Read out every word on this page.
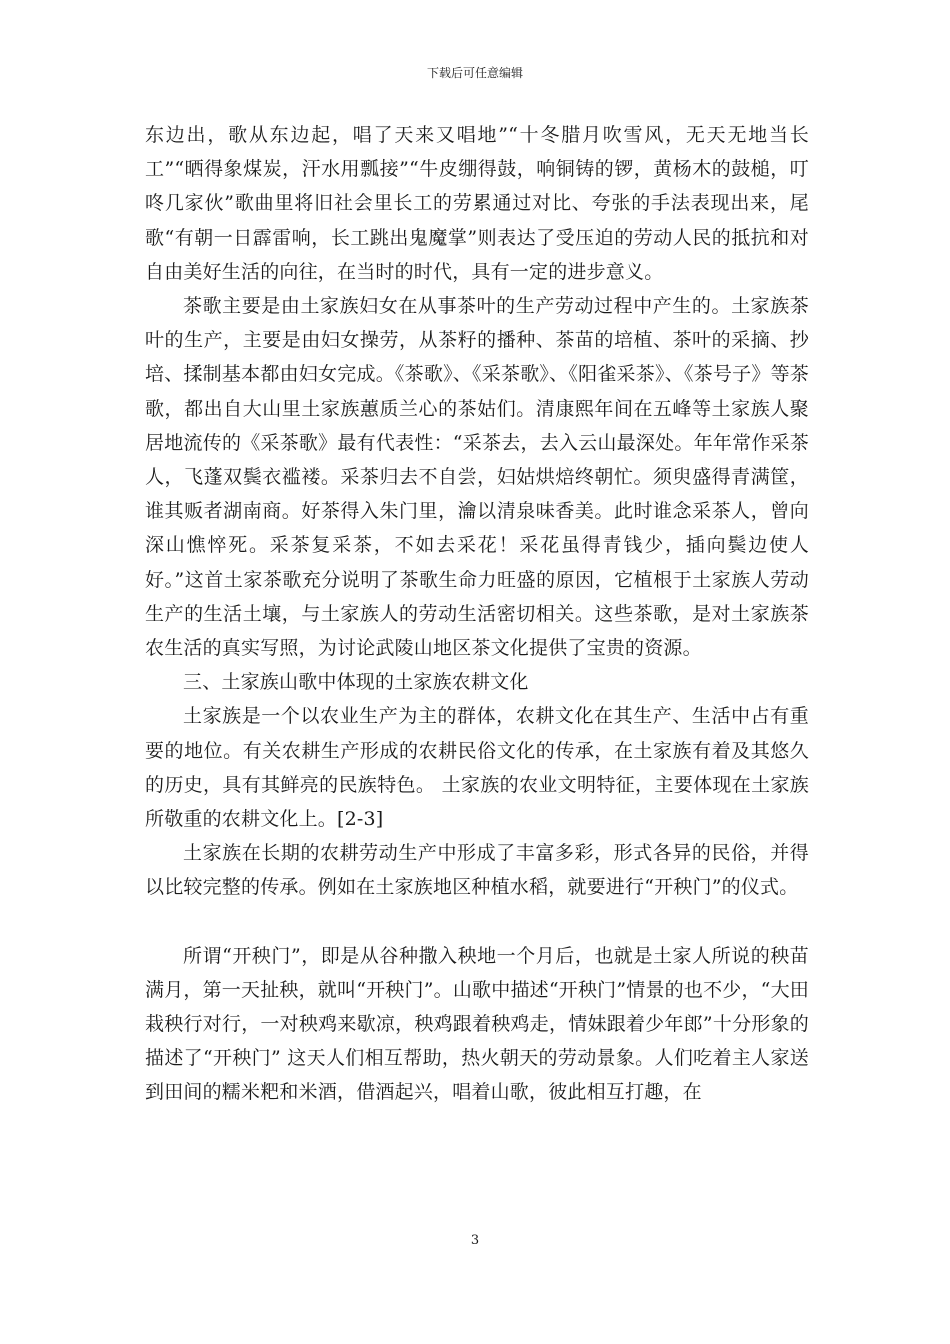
下载后可任意编辑

东边出，歌从东边起，唱了天来又唱地”“十冬腊月吹雪风，无天无地当长工”“晒得象煤炭，汗水用瓢接”“牛皮绷得鼓，响铜铸的锣，黄杨木的鼓槌，叮咚几家伙”歌曲里将旧社会里长工的劳累通过对比、夸张的手法表现出来，尾歌“有朝一日霹雷响，长工跳出鬼魔掌”则表达了受压迫的劳动人民的抵抗和对自由美好生活的向往，在当时的时代，具有一定的进步意义。

茶歌主要是由土家族妇女在从事茶叶的生产劳动过程中产生的。土家族茶叶的生产，主要是由妇女操劳，从茶籽的播种、茶苗的培植、茶叶的采摘、抄培、揉制基本都由妇女完成。《茶歌》、《采茶歌》、《阳雀采茶》、《茶号子》等茶歌，都出自大山里土家族蕙质兰心的茶姑们。清康熙年间在五峰等土家族人聚居地流传的《采茶歌》最有代表性：“采茶去，去入云山最深处。年年常作采茶人，飞蓬双鬓衣褴褛。采茶归去不自尝，妇姑烘焙终朝忙。须臾盛得青满筐，谁其贩者湖南商。好茶得入朱门里，瀹以清泉味香美。此时谁念采茶人，曾向深山憔悴死。采茶复采茶，不如去采花！采花虽得青钱少，插向鬓边使人好。”这首土家茶歌充分说明了茶歌生命力旺盛的原因，它植根于土家族人劳动生产的生活土壤，与土家族人的劳动生活密切相关。这些茶歌，是对土家族茶农生活的真实写照，为讨论武陵山地区茶文化提供了宝贵的资源。

三、土家族山歌中体现的土家族农耕文化

土家族是一个以农业生产为主的群体，农耕文化在其生产、生活中占有重要的地位。有关农耕生产形成的农耕民俗文化的传承，在土家族有着及其悠久的历史，具有其鲜亮的民族特色。 土家族的农业文明特征，主要体现在土家族所敬重的农耕文化上。[2-3]

土家族在长期的农耕劳动生产中形成了丰富多彩，形式各异的民俗，并得以比较完整的传承。例如在土家族地区种植水稻，就要进行“开秧门”的仪式。

所谓“开秧门”，即是从谷种撒入秧地一个月后，也就是土家人所说的秧苗满月，第一天扯秧，就叫“开秧门”。山歌中描述“开秧门”情景的也不少，“大田栽秧行对行，一对秧鸡来歇凉，秧鸡跟着秧鸡走，情妹跟着少年郎”十分形象的描述了“开秧门” 这天人们相互帮助，热火朝天的劳动景象。人们吃着主人家送到田间的糯米粑和米酒，借酒起兴，唱着山歌，彼此相互打趣，在

3
